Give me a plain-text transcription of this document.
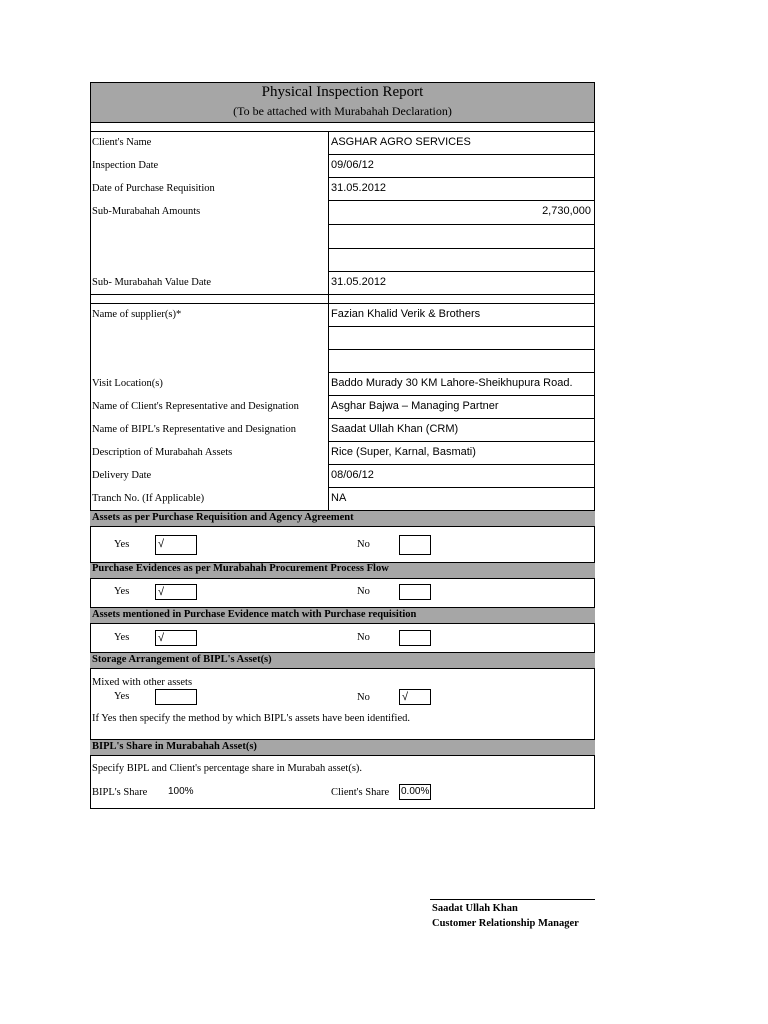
Physical Inspection Report
(To be attached with Murabahah Declaration)
Client's Name	ASGHAR AGRO SERVICES
Inspection Date	09/06/12
Date of Purchase Requisition	31.05.2012
Sub-Murabahah Amounts	2,730,000
Sub- Murabahah Value Date	31.05.2012
Name of supplier(s)*	Fazian Khalid Verik & Brothers
Visit Location(s)	Baddo Murady 30 KM Lahore-Sheikhupura Road.
Name of Client's Representative and Designation	Asghar Bajwa – Managing Partner
Name of BIPL's Representative and Designation	Saadat Ullah Khan (CRM)
Description of Murabahah Assets	Rice (Super, Karnal, Basmati)
Delivery Date	08/06/12
Tranch No. (If Applicable)	NA
Assets as per Purchase Requisition and Agency Agreement
Yes	√	No
Purchase Evidences as per Murabahah Procurement Process Flow
Yes	√	No
Assets mentioned in Purchase Evidence match with Purchase requisition
Yes	√	No
Storage Arrangement of BIPL's Asset(s)
Mixed with other assets
Yes	No	√
If Yes then specify the method by which BIPL's assets have been identified.
BIPL's Share in Murabahah Asset(s)
Specify BIPL and Client's percentage share in Murabah asset(s).
BIPL's Share 100%	Client's Share 0.00%
Saadat Ullah Khan
Customer Relationship Manager
